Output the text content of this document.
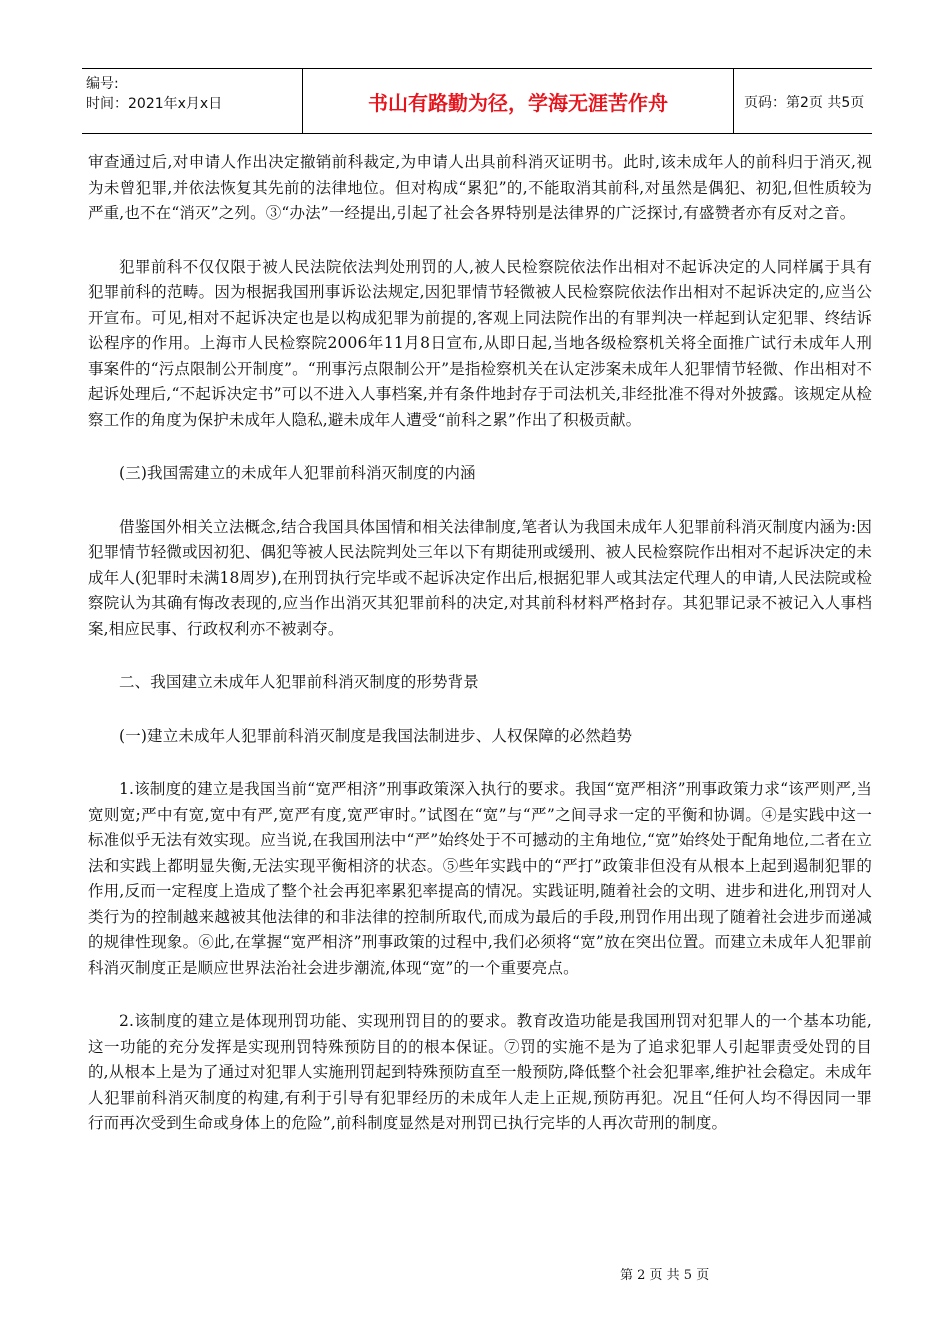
编号:
时间：2021年x月x日	书山有路勤为径，学海无涯苦作舟	页码：第2页 共5页

审查通过后,对申请人作出决定撤销前科裁定,为申请人出具前科消灭证明书。此时,该未成年人的前科归于消灭,视为未曾犯罪,并依法恢复其先前的法律地位。但对构成“累犯”的,不能取消其前科,对虽然是偶犯、初犯,但性质较为严重,也不在“消灭”之列。③“办法”一经提出,引起了社会各界特别是法律界的广泛探讨,有盛赞者亦有反对之音。

犯罪前科不仅仅限于被人民法院依法判处刑罚的人,被人民检察院依法作出相对不起诉决定的人同样属于具有犯罪前科的范畴。因为根据我国刑事诉讼法规定,因犯罪情节轻微被人民检察院依法作出相对不起诉决定的,应当公开宣布。可见,相对不起诉决定也是以构成犯罪为前提的,客观上同法院作出的有罪判决一样起到认定犯罪、终结诉讼程序的作用。上海市人民检察院2006年11月8日宣布,从即日起,当地各级检察机关将全面推广试行未成年人刑事案件的“污点限制公开制度”。“刑事污点限制公开”是指检察机关在认定涉案未成年人犯罪情节轻微、作出相对不起诉处理后,“不起诉决定书”可以不进入人事档案,并有条件地封存于司法机关,非经批准不得对外披露。该规定从检察工作的角度为保护未成年人隐私,避未成年人遭受“前科之累”作出了积极贡献。

(三)我国需建立的未成年人犯罪前科消灭制度的内涵

借鉴国外相关立法概念,结合我国具体国情和相关法律制度,笔者认为我国未成年人犯罪前科消灭制度内涵为:因犯罪情节轻微或因初犯、偶犯等被人民法院判处三年以下有期徒刑或缓刑、被人民检察院作出相对不起诉决定的未成年人(犯罪时未满18周岁),在刑罚执行完毕或不起诉决定作出后,根据犯罪人或其法定代理人的申请,人民法院或检察院认为其确有悔改表现的,应当作出消灭其犯罪前科的决定,对其前科材料严格封存。其犯罪记录不被记入人事档案,相应民事、行政权利亦不被剥夺。

二、我国建立未成年人犯罪前科消灭制度的形势背景

(一)建立未成年人犯罪前科消灭制度是我国法制进步、人权保障的必然趋势

1.该制度的建立是我国当前“宽严相济”刑事政策深入执行的要求。我国“宽严相济”刑事政策力求“该严则严,当宽则宽;严中有宽,宽中有严,宽严有度,宽严审时。”试图在“宽”与“严”之间寻求一定的平衡和协调。④是实践中这一标准似乎无法有效实现。应当说,在我国刑法中“严”始终处于不可撼动的主角地位,“宽”始终处于配角地位,二者在立法和实践上都明显失衡,无法实现平衡相济的状态。⑤些年实践中的“严打”政策非但没有从根本上起到遏制犯罪的作用,反而一定程度上造成了整个社会再犯率累犯率提高的情况。实践证明,随着社会的文明、进步和进化,刑罚对人类行为的控制越来越被其他法律的和非法律的控制所取代,而成为最后的手段,刑罚作用出现了随着社会进步而递减的规律性现象。⑥此,在掌握“宽严相济”刑事政策的过程中,我们必须将“宽”放在突出位置。而建立未成年人犯罪前科消灭制度正是顺应世界法治社会进步潮流,体现“宽”的一个重要亮点。

2.该制度的建立是体现刑罚功能、实现刑罚目的的要求。教育改造功能是我国刑罚对犯罪人的一个基本功能,这一功能的充分发挥是实现刑罚特殊预防目的的根本保证。⑦罚的实施不是为了追求犯罪人引起罪责受处罚的目的,从根本上是为了通过对犯罪人实施刑罚起到特殊预防直至一般预防,降低整个社会犯罪率,维护社会稳定。未成年人犯罪前科消灭制度的构建,有利于引导有犯罪经历的未成年人走上正规,预防再犯。况且“任何人均不得因同一罪行而再次受到生命或身体上的危险”,前科制度显然是对刑罚已执行完毕的人再次苛刑的制度。

第 2 页 共 5 页
